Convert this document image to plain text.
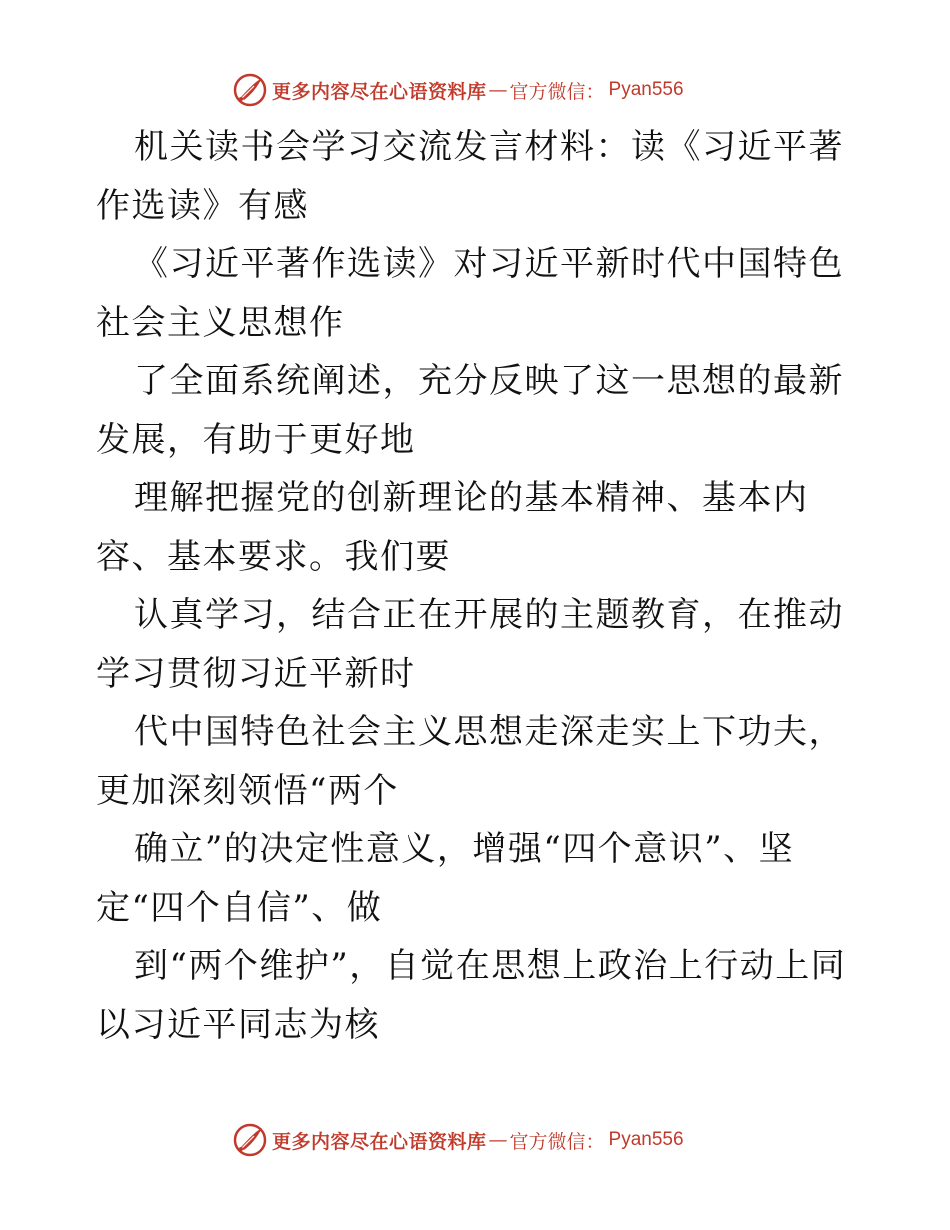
更多内容尽在心语资料库 — 官方微信： Pyan556

机关读书会学习交流发言材料：读《习近平著作选读》有感

《习近平著作选读》对习近平新时代中国特色社会主义思想作

了全面系统阐述，充分反映了这一思想的最新发展，有助于更好地

理解把握党的创新理论的基本精神、基本内容、基本要求。我们要

认真学习，结合正在开展的主题教育，在推动学习贯彻习近平新时

代中国特色社会主义思想走深走实上下功夫，更加深刻领悟“两个

确立”的决定性意义，增强“四个意识”、坚定“四个自信”、做

到“两个维护”，自觉在思想上政治上行动上同以习近平同志为核

更多内容尽在心语资料库 — 官方微信： Pyan556
